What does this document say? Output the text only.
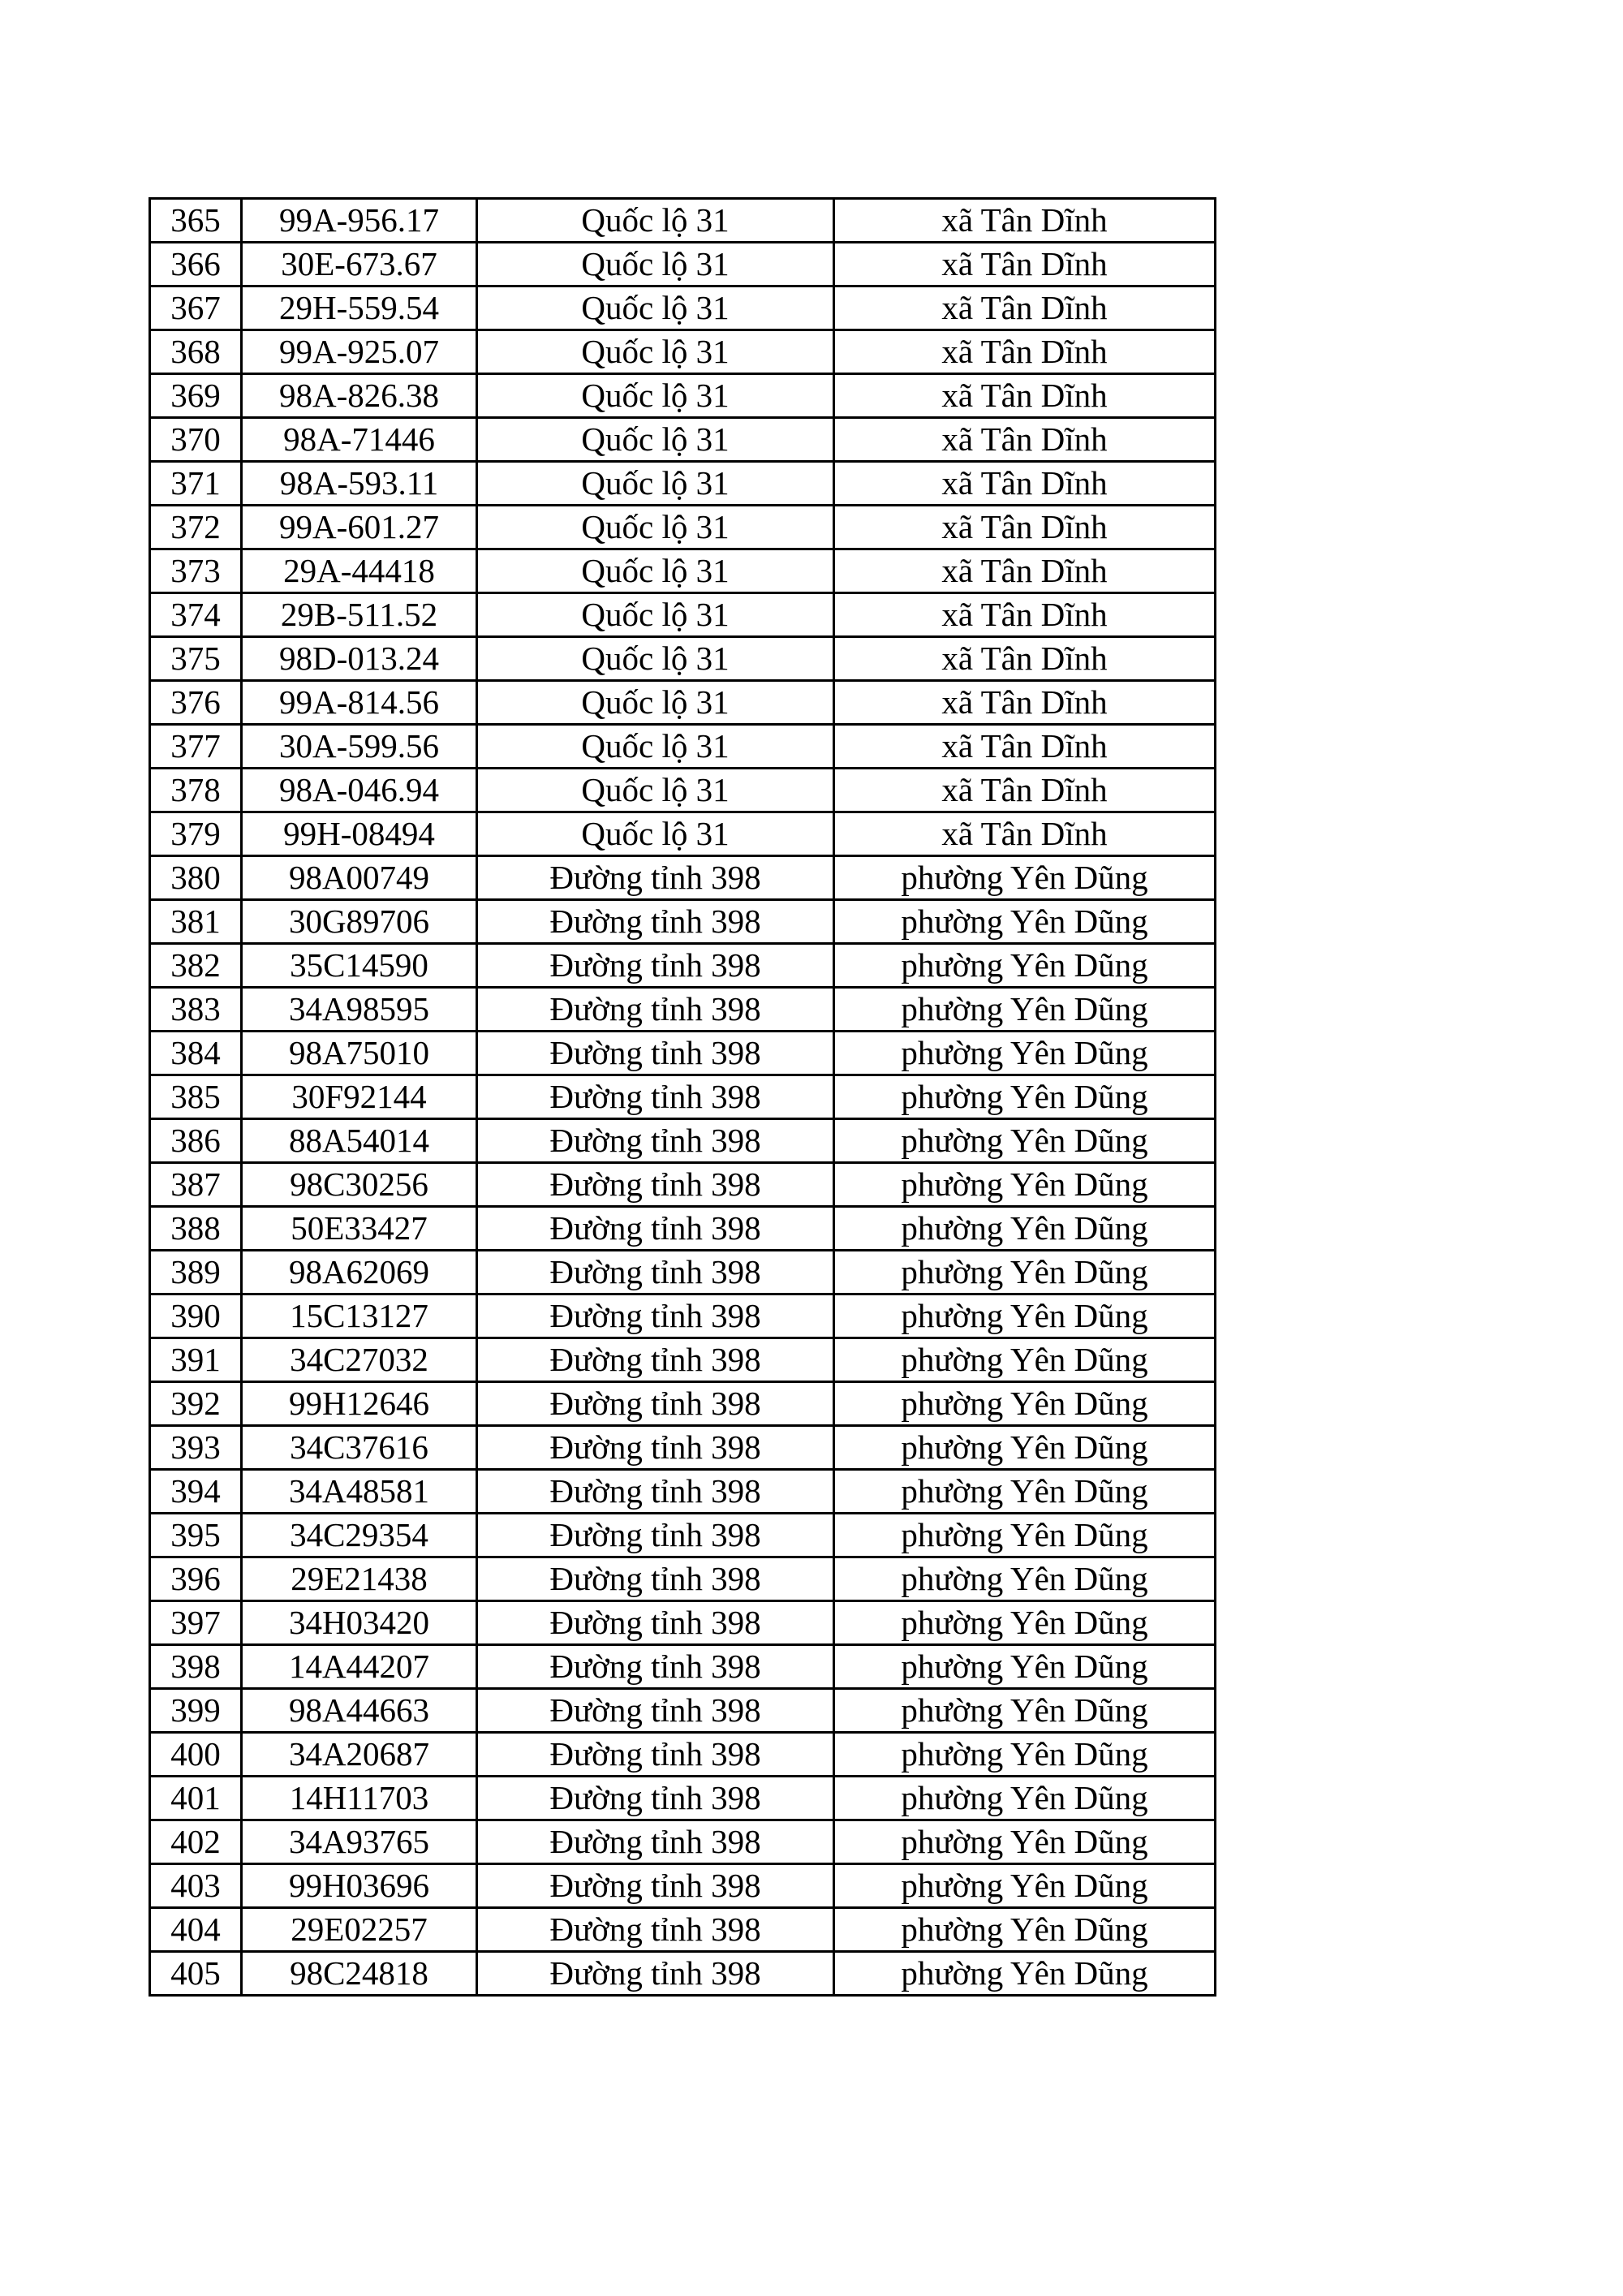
365	99A-956.17	Quốc lộ 31	xã Tân Dĩnh
366	30E-673.67	Quốc lộ 31	xã Tân Dĩnh
367	29H-559.54	Quốc lộ 31	xã Tân Dĩnh
368	99A-925.07	Quốc lộ 31	xã Tân Dĩnh
369	98A-826.38	Quốc lộ 31	xã Tân Dĩnh
370	98A-71446	Quốc lộ 31	xã Tân Dĩnh
371	98A-593.11	Quốc lộ 31	xã Tân Dĩnh
372	99A-601.27	Quốc lộ 31	xã Tân Dĩnh
373	29A-44418	Quốc lộ 31	xã Tân Dĩnh
374	29B-511.52	Quốc lộ 31	xã Tân Dĩnh
375	98D-013.24	Quốc lộ 31	xã Tân Dĩnh
376	99A-814.56	Quốc lộ 31	xã Tân Dĩnh
377	30A-599.56	Quốc lộ 31	xã Tân Dĩnh
378	98A-046.94	Quốc lộ 31	xã Tân Dĩnh
379	99H-08494	Quốc lộ 31	xã Tân Dĩnh
380	98A00749	Đường tỉnh 398	phường Yên Dũng
381	30G89706	Đường tỉnh 398	phường Yên Dũng
382	35C14590	Đường tỉnh 398	phường Yên Dũng
383	34A98595	Đường tỉnh 398	phường Yên Dũng
384	98A75010	Đường tỉnh 398	phường Yên Dũng
385	30F92144	Đường tỉnh 398	phường Yên Dũng
386	88A54014	Đường tỉnh 398	phường Yên Dũng
387	98C30256	Đường tỉnh 398	phường Yên Dũng
388	50E33427	Đường tỉnh 398	phường Yên Dũng
389	98A62069	Đường tỉnh 398	phường Yên Dũng
390	15C13127	Đường tỉnh 398	phường Yên Dũng
391	34C27032	Đường tỉnh 398	phường Yên Dũng
392	99H12646	Đường tỉnh 398	phường Yên Dũng
393	34C37616	Đường tỉnh 398	phường Yên Dũng
394	34A48581	Đường tỉnh 398	phường Yên Dũng
395	34C29354	Đường tỉnh 398	phường Yên Dũng
396	29E21438	Đường tỉnh 398	phường Yên Dũng
397	34H03420	Đường tỉnh 398	phường Yên Dũng
398	14A44207	Đường tỉnh 398	phường Yên Dũng
399	98A44663	Đường tỉnh 398	phường Yên Dũng
400	34A20687	Đường tỉnh 398	phường Yên Dũng
401	14H11703	Đường tỉnh 398	phường Yên Dũng
402	34A93765	Đường tỉnh 398	phường Yên Dũng
403	99H03696	Đường tỉnh 398	phường Yên Dũng
404	29E02257	Đường tỉnh 398	phường Yên Dũng
405	98C24818	Đường tỉnh 398	phường Yên Dũng
